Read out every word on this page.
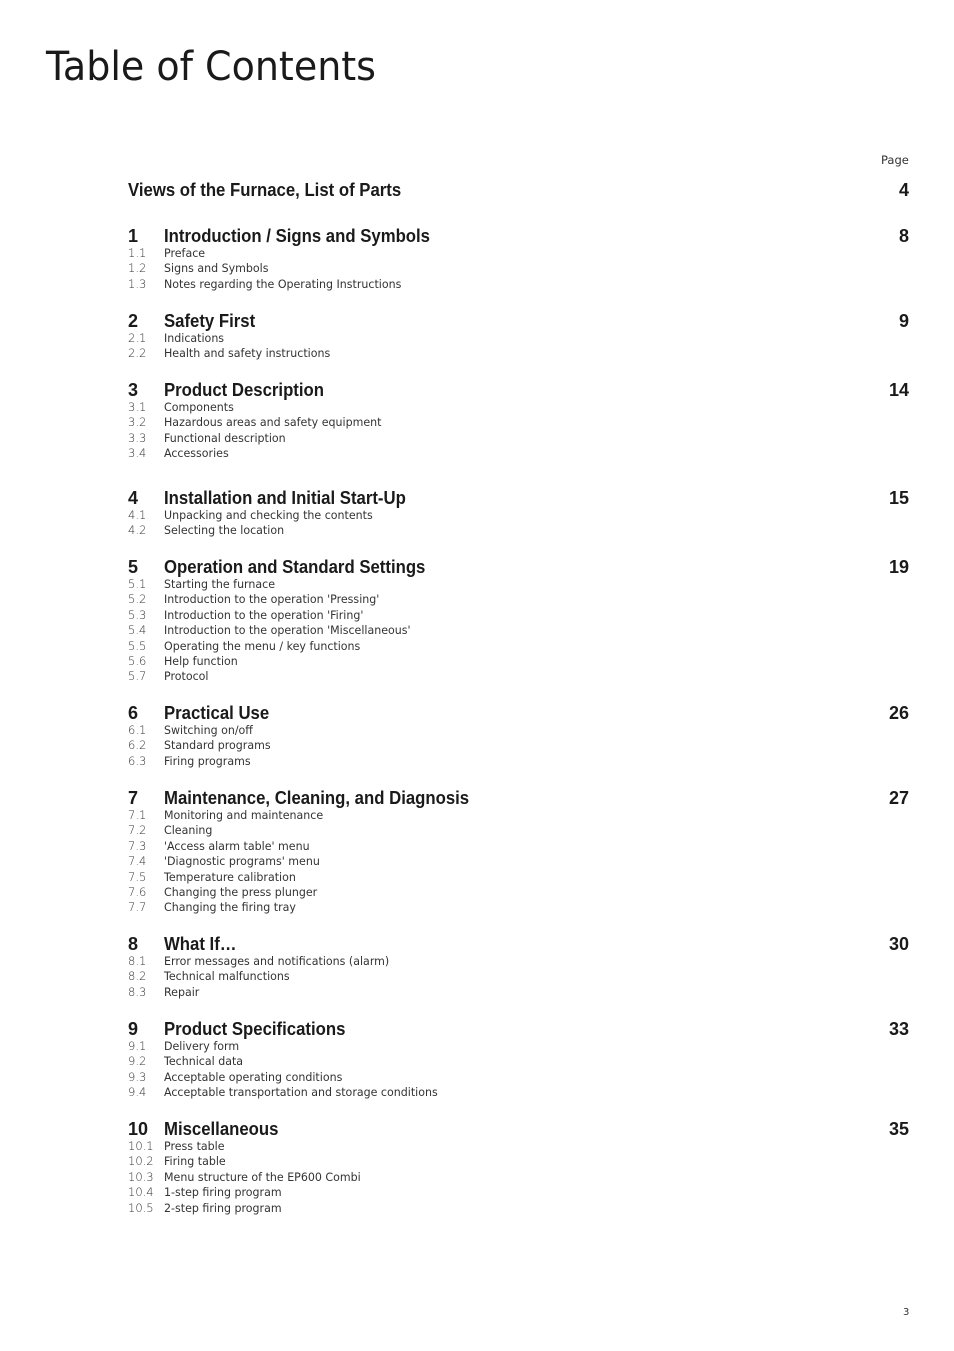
Table of Contents
Page
Views of the Furnace, List of Parts	4
1 Introduction / Signs and Symbols	8
1.1 Preface
1.2 Signs and Symbols
1.3 Notes regarding the Operating Instructions
2 Safety First	9
2.1 Indications
2.2 Health and safety instructions
3 Product Description	14
3.1 Components
3.2 Hazardous areas and safety equipment
3.3 Functional description
3.4 Accessories
4 Installation and Initial Start-Up	15
4.1 Unpacking and checking the contents
4.2 Selecting the location
5 Operation and Standard Settings	19
5.1 Starting the furnace
5.2 Introduction to the operation 'Pressing'
5.3 Introduction to the operation 'Firing'
5.4 Introduction to the operation 'Miscellaneous'
5.5 Operating the menu / key functions
5.6 Help function
5.7 Protocol
6 Practical Use	26
6.1 Switching on/off
6.2 Standard programs
6.3 Firing programs
7 Maintenance, Cleaning, and Diagnosis	27
7.1 Monitoring and maintenance
7.2 Cleaning
7.3 'Access alarm table' menu
7.4 'Diagnostic programs' menu
7.5 Temperature calibration
7.6 Changing the press plunger
7.7 Changing the firing tray
8 What If…	30
8.1 Error messages and notifications (alarm)
8.2 Technical malfunctions
8.3 Repair
9 Product Specifications	33
9.1 Delivery form
9.2 Technical data
9.3 Acceptable operating conditions
9.4 Acceptable transportation and storage conditions
10 Miscellaneous	35
10.1 Press table
10.2 Firing table
10.3 Menu structure of the EP600 Combi
10.4 1-step firing program
10.5 2-step firing program
3
